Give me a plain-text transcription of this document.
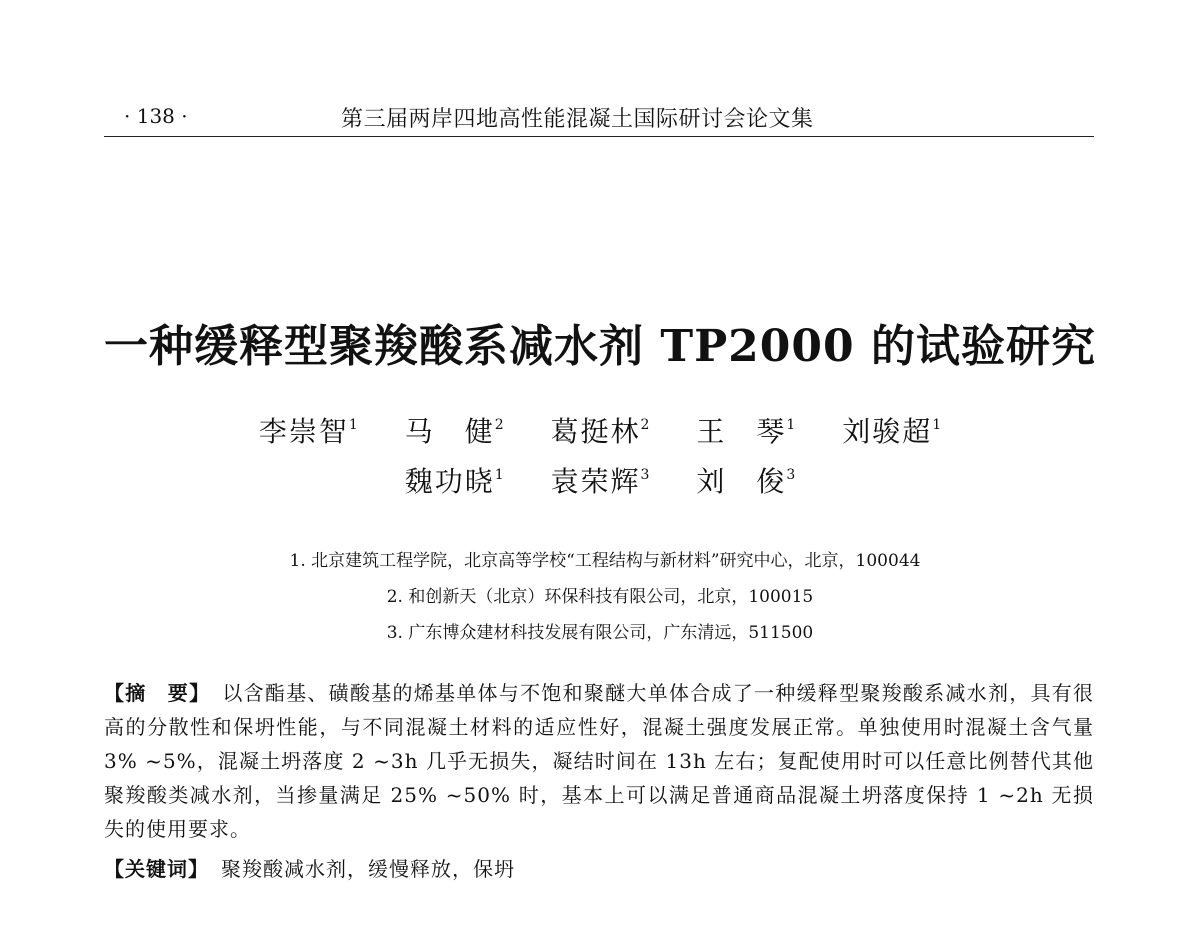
· 138 ·	第三届两岸四地高性能混凝土国际研讨会论文集
一种缓释型聚羧酸系减水剂 TP2000 的试验研究
李崇智$^1$ 马　健$^2$ 葛挺林$^2$ 王　琴$^1$ 刘骏超$^1$
魏功晓$^1$ 袁荣辉$^3$ 刘　俊$^3$
1. 北京建筑工程学院，北京高等学校“工程结构与新材料”研究中心，北京，100044
2. 和创新天（北京）环保科技有限公司，北京，100015
3. 广东博众建材科技发展有限公司，广东清远，511500
【摘　要】 以含酯基、磺酸基的烯基单体与不饱和聚醚大单体合成了一种缓释型聚羧酸系减水剂，具有很高的分散性和保坍性能，与不同混凝土材料的适应性好，混凝土强度发展正常。单独使用时混凝土含气量 3% ~5%，混凝土坍落度 2 ~3h 几乎无损失，凝结时间在 13h 左右；复配使用时可以任意比例替代其他聚羧酸类减水剂，当掺量满足 25% ~50% 时，基本上可以满足普通商品混凝土坍落度保持 1 ~2h 无损失的使用要求。
【关键词】 聚羧酸减水剂，缓慢释放，保坍
